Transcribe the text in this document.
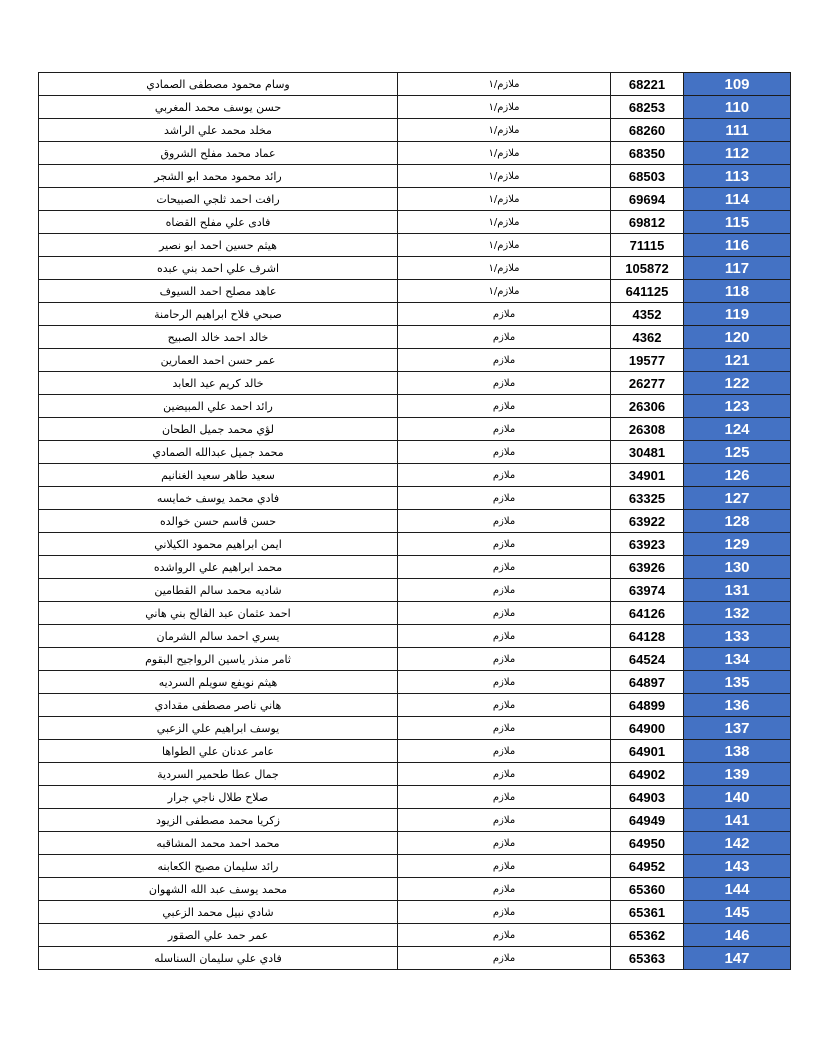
وسام محمود مصطفى الصمادي	ملازم/١	68221	109
حسن يوسف محمد المغربي	ملازم/١	68253	110
مخلد محمد علي الراشد	ملازم/١	68260	111
عماد محمد مفلح الشروق	ملازم/١	68350	112
رائد محمود محمد ابو الشجر	ملازم/١	68503	113
رافت احمد ثلجي الصبيحات	ملازم/١	69694	114
فادى علي مفلح القضاه	ملازم/١	69812	115
هيثم حسين احمد ابو نصير	ملازم/١	71115	116
اشرف علي احمد بني عبده	ملازم/١	105872	117
عاهد مصلح احمد السيوف	ملازم/١	641125	118
صبحي فلاح ابراهيم الرحامنة	ملازم	4352	119
خالد احمد خالد الصبيح	ملازم	4362	120
عمر حسن احمد العمارين	ملازم	19577	121
خالد كريم عيد العابد	ملازم	26277	122
رائد احمد علي المبيضين	ملازم	26306	123
لؤي محمد جميل الطحان	ملازم	26308	124
محمد جميل عبدالله الصمادي	ملازم	30481	125
سعيد طاهر سعيد الغنانيم	ملازم	34901	126
فادي محمد يوسف خمايسه	ملازم	63325	127
حسن قاسم حسن خوالده	ملازم	63922	128
ايمن ابراهيم محمود الكيلاني	ملازم	63923	129
محمد ابراهيم علي الرواشده	ملازم	63926	130
شاديه محمد سالم القطامين	ملازم	63974	131
احمد عثمان عبد الفالح بني هاني	ملازم	64126	132
يسري احمد سالم الشرمان	ملازم	64128	133
ثامر منذر ياسين الرواجيح البقوم	ملازم	64524	134
هيثم نويفع سويلم السرديه	ملازم	64897	135
هاني ناصر مصطفى مقدادي	ملازم	64899	136
يوسف ابراهيم علي الزعبي	ملازم	64900	137
عامر عدنان علي الطواها	ملازم	64901	138
جمال عطا طحمير السردية	ملازم	64902	139
صلاح طلال ناجي جرار	ملازم	64903	140
زكريا محمد مصطفى الزيود	ملازم	64949	141
محمد احمد محمد المشاقبه	ملازم	64950	142
رائد سليمان مصبح الكعابنه	ملازم	64952	143
محمد يوسف عبد الله الشهوان	ملازم	65360	144
شادي نبيل محمد الزعبي	ملازم	65361	145
عمر حمد علي الصقور	ملازم	65362	146
فادي علي سليمان السناسله	ملازم	65363	147
